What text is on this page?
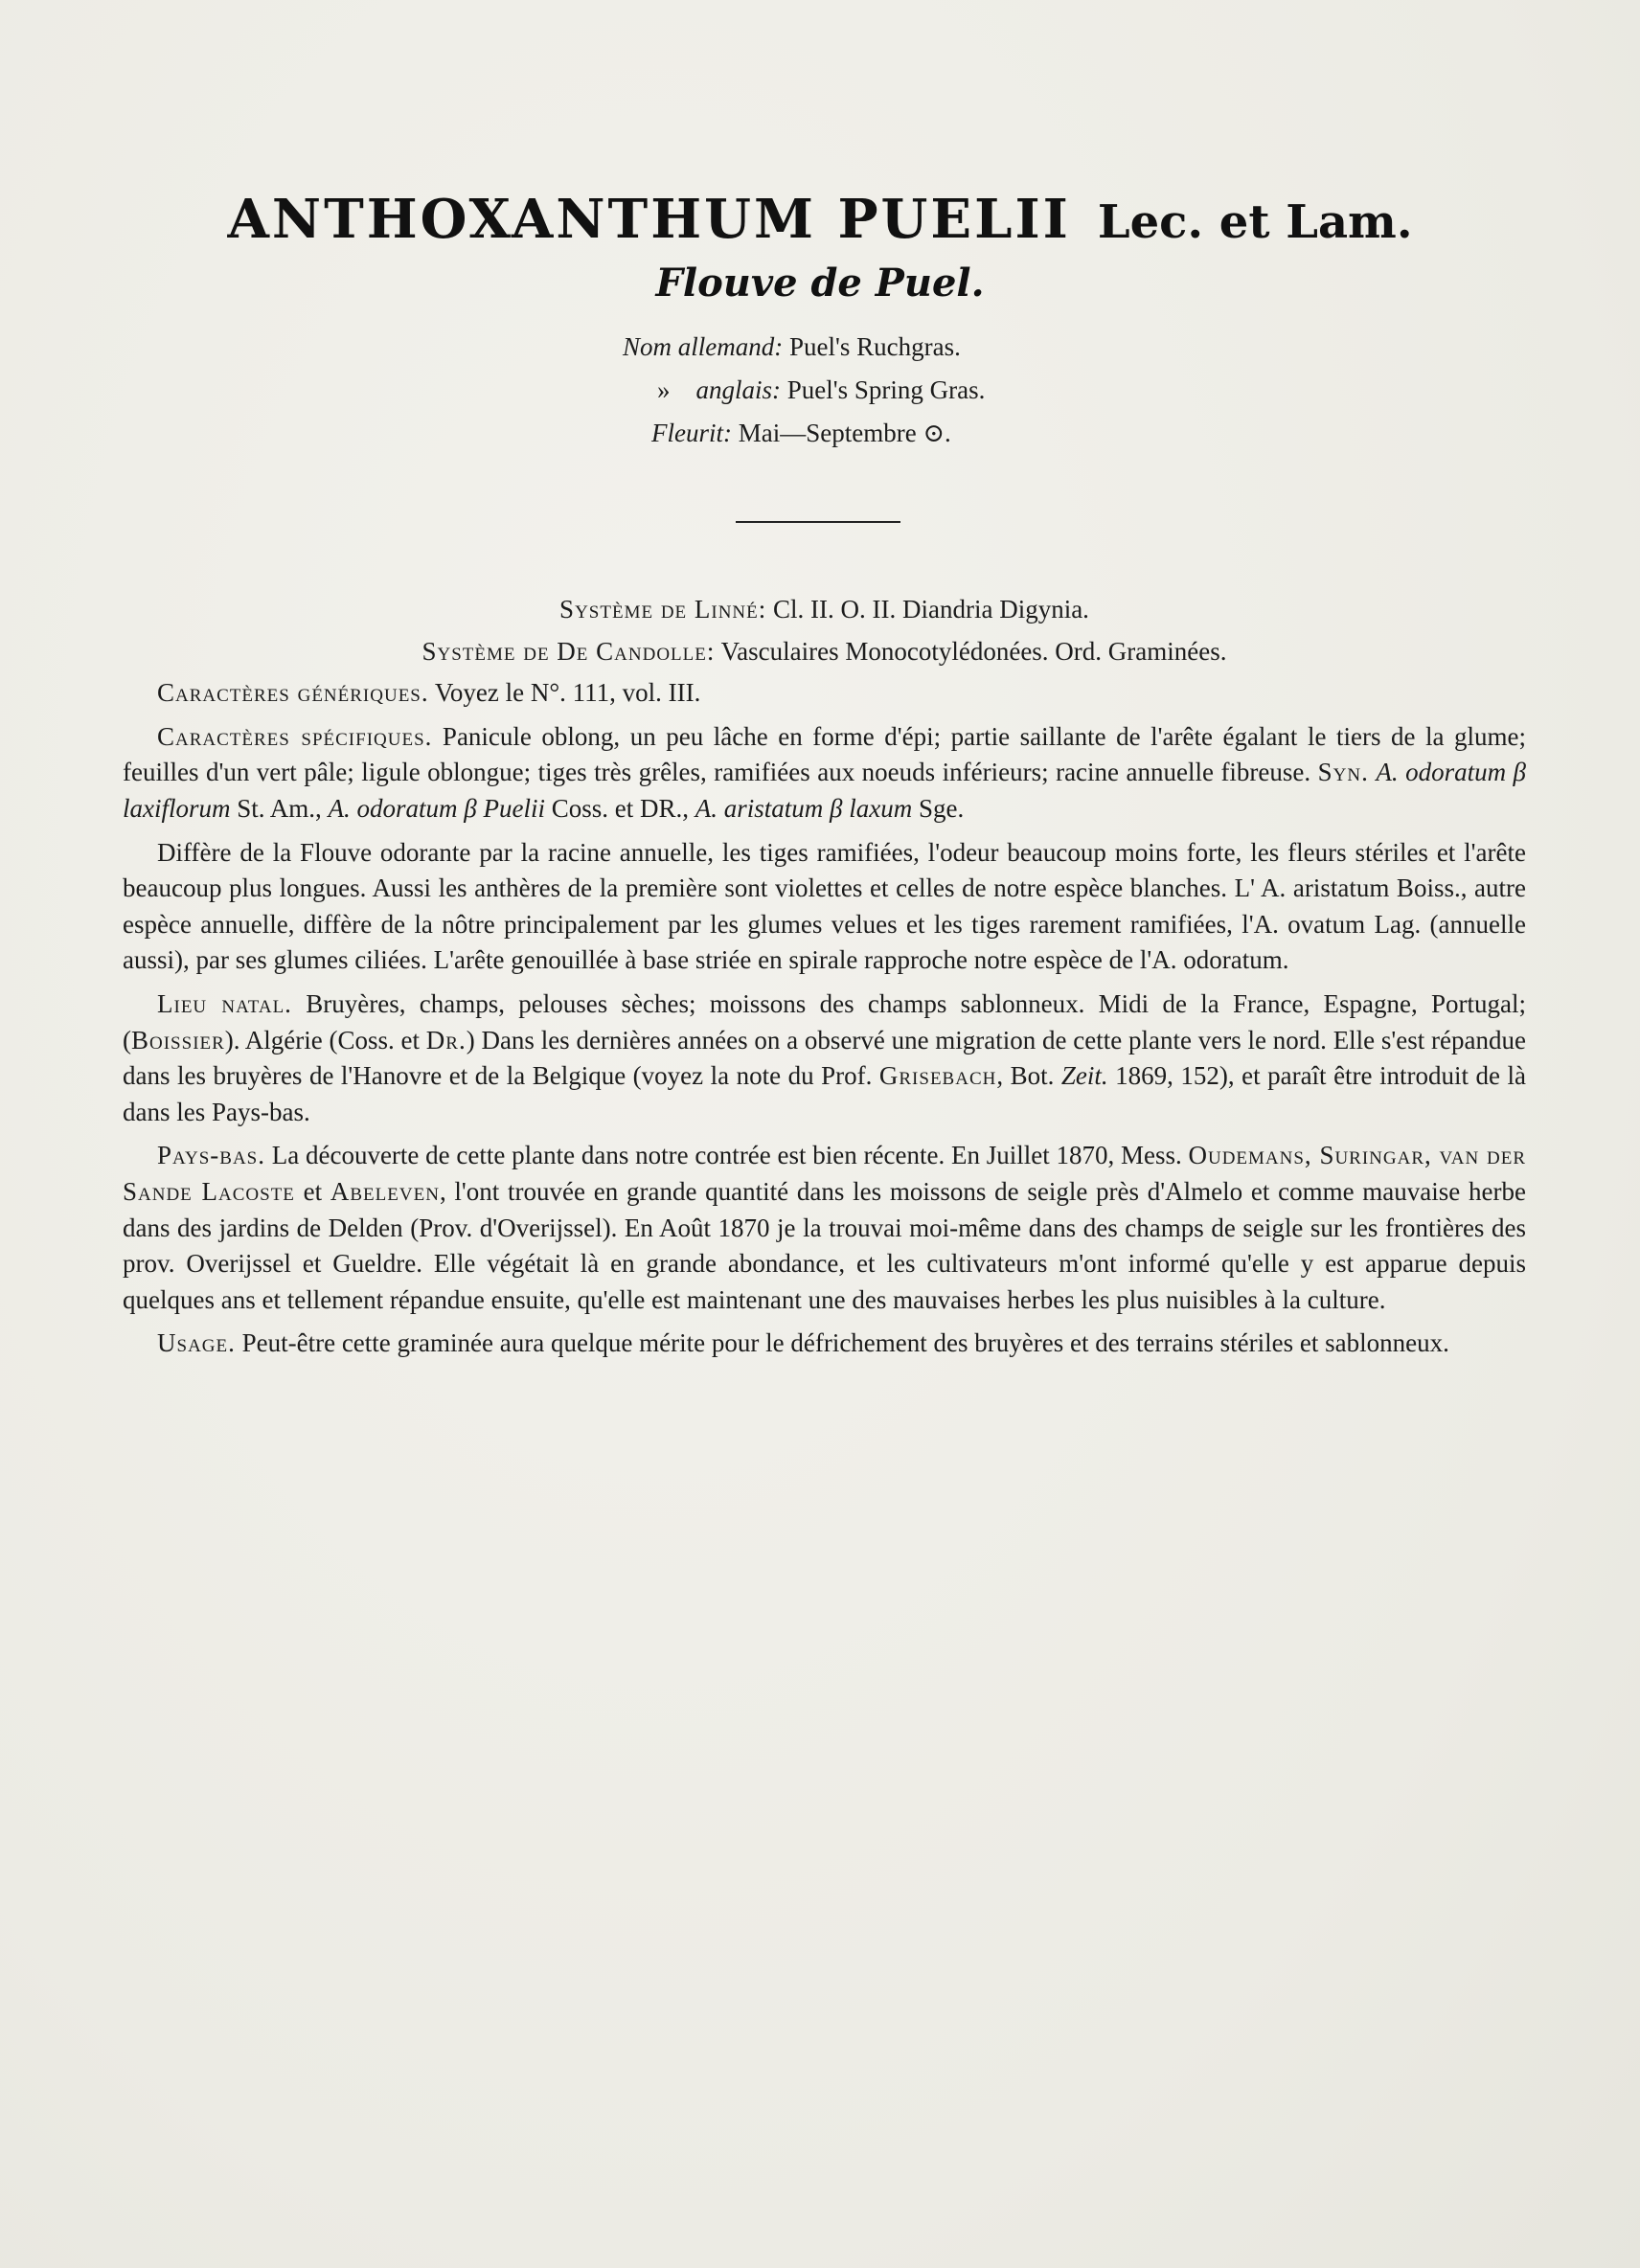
ANTHOXANTHUM PUELII Lec. et Lam.
Flouve de Puel.
Nom allemand: Puel's Ruchgras.
» anglais: Puel's Spring Gras.
Fleurit: Mai—Septembre ⊙.

Système de Linné: Cl. II. O. II. Diandria Digynia.

Système de De Candolle: Vasculaires Monocotylédonées. Ord. Graminées.

Caractères génériques. Voyez le N°. 111, vol. III.

Caractères spécifiques. Panicule oblong, un peu lâche en forme d'épi; partie saillante de l'arête égalant le tiers de la glume; feuilles d'un vert pâle; ligule oblongue; tiges très grêles, ramifiées aux noeuds inférieurs; racine annuelle fibreuse. Syn. A. odoratum β laxiflorum St. Am., A. odoratum β Puelii Coss. et DR., A. aristatum β laxum Sge.

Diffère de la Flouve odorante par la racine annuelle, les tiges ramifiées, l'odeur beaucoup moins forte, les fleurs stériles et l'arête beaucoup plus longues. Aussi les anthères de la première sont violettes et celles de notre espèce blanches. L' A. aristatum Boiss., autre espèce annuelle, diffère de la nôtre principalement par les glumes velues et les tiges rarement ramifiées, l'A. ovatum Lag. (annuelle aussi), par ses glumes ciliées. L'arête genouillée à base striée en spirale rapproche notre espèce de l'A. odoratum.

Lieu natal. Bruyères, champs, pelouses sèches; moissons des champs sablonneux. Midi de la France, Espagne, Portugal; (Boissier). Algérie (Coss. et Dr.) Dans les dernières années on a observé une migration de cette plante vers le nord. Elle s'est répandue dans les bruyères de l'Hanovre et de la Belgique (voyez la note du Prof. Grisebach, Bot. Zeit. 1869, 152), et paraît être introduit de là dans les Pays-bas.

Pays-bas. La découverte de cette plante dans notre contrée est bien récente. En Juillet 1870, Mess. Oudemans, Suringar, van der Sande Lacoste et Abeleven, l'ont trouvée en grande quantité dans les moissons de seigle près d'Almelo et comme mauvaise herbe dans des jardins de Delden (Prov. d'Overijssel). En Août 1870 je la trouvai moi-même dans des champs de seigle sur les frontières des prov. Overijssel et Gueldre. Elle végétait là en grande abondance, et les cultivateurs m'ont informé qu'elle y est apparue depuis quelques ans et tellement répandue ensuite, qu'elle est maintenant une des mauvaises herbes les plus nuisibles à la culture.

Usage. Peut-être cette graminée aura quelque mérite pour le défrichement des bruyères et des terrains stériles et sablonneux.
